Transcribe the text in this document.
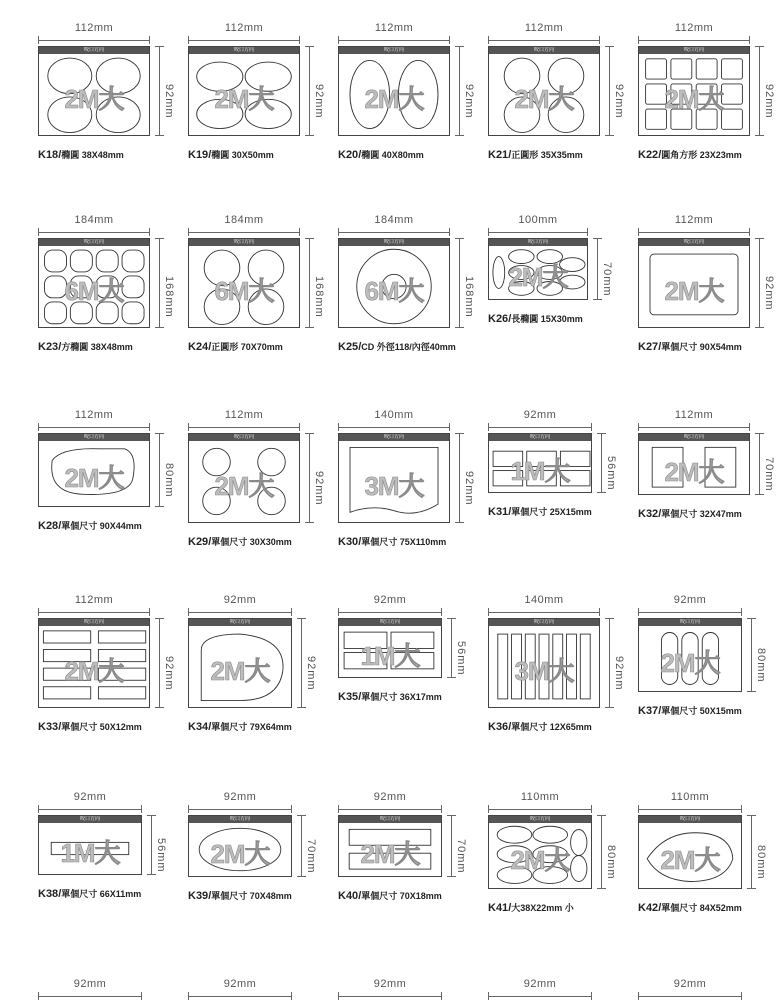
112mm
咬口方向
2M大	92mm
K18/橢圓 38X48mm
112mm
咬口方向
2M大	92mm
K19/橢圓 30X50mm
112mm
咬口方向
2M大	92mm
K20/橢圓 40X80mm
112mm
咬口方向
2M大	92mm
K21/正圓形 35X35mm
112mm
咬口方向
2M大	92mm
K22/圓角方形 23X23mm
184mm
咬口方向
6M大	168mm
K23/方橢圓 38X48mm
184mm
咬口方向
6M大	168mm
K24/正圓形 70X70mm
184mm
咬口方向
6M大	168mm
K25/CD 外徑118/內徑40mm
100mm
咬口方向
2M大	70mm
K26/長橢圓 15X30mm
112mm
咬口方向
2M大	92mm
K27/單個尺寸 90X54mm
112mm
咬口方向
2M大	80mm
K28/單個尺寸 90X44mm
112mm
咬口方向
2M大	92mm
K29/單個尺寸 30X30mm
140mm
咬口方向
3M大	92mm
K30/單個尺寸 75X110mm
92mm
咬口方向
1M大	56mm
K31/單個尺寸 25X15mm
112mm
咬口方向
2M大	70mm
K32/單個尺寸 32X47mm
112mm
咬口方向
2M大	92mm
K33/單個尺寸 50X12mm
92mm
咬口方向
2M大	92mm
K34/單個尺寸 79X64mm
92mm
咬口方向
1M大	56mm
K35/單個尺寸 36X17mm
140mm
咬口方向
3M大	92mm
K36/單個尺寸 12X65mm
92mm
咬口方向
2M大	80mm
K37/單個尺寸 50X15mm
92mm
咬口方向
1M大	56mm
K38/單個尺寸 66X11mm
92mm
咬口方向
2M大	70mm
K39/單個尺寸 70X48mm
92mm
咬口方向
2M大	70mm
K40/單個尺寸 70X18mm
110mm
咬口方向
2M大	80mm
K41/大38X22mm 小
110mm
咬口方向
2M大	80mm
K42/單個尺寸 84X52mm
92mm	92mm	92mm	92mm	92mm
